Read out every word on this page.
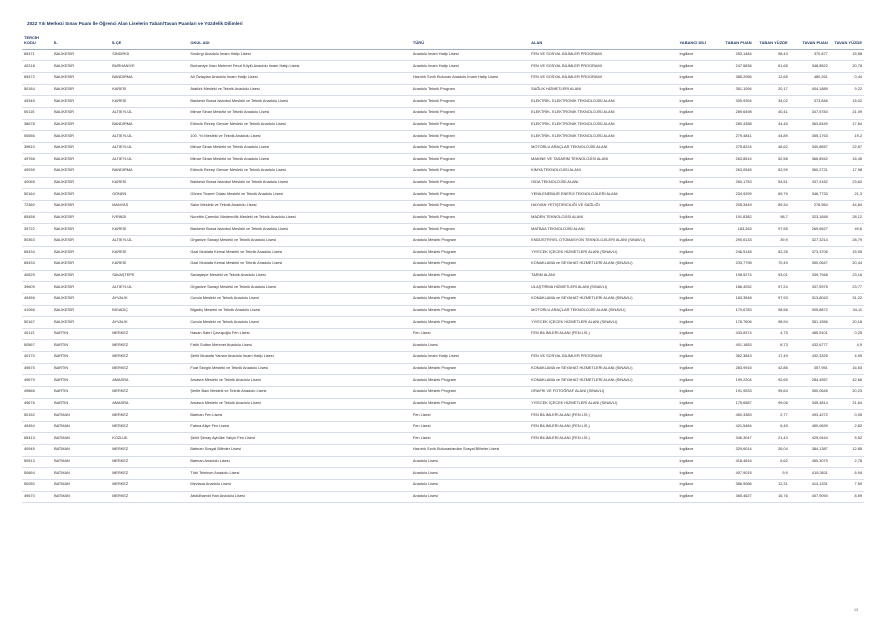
2022 Yılı Merkezi Sınav Puanı İle Öğrenci Alan Liselerin Taban/Tavan Puanları ve Yüzdelik Dilimleri
TERCİH KODU	İL	İLÇE	OKUL ADI	TÜRÜ	ALAN	YABANCI DİLİ	TABAN PUAN	TABAN YÜZDE	TAVAN PUAN	TAVAN YÜZDE
65471	BALIKESİR	SINDIRGI	Sındırgı Anadolu İmam Hatip Lisesi	Anadolu İmam Hatip Lisesi	FEN VE SOSYAL BİLİMLER PROGRAMI	İngilizce	253,1484	58,43	370,877	15,58
40218	BALIKESİR	BURHANİYE	Burhaniye Hacı Mehmet Fevzi Köylü Anadolu İmam Hatip Lisesi	Anadolu İmam Hatip Lisesi	FEN VE SOSYAL BİLİMLER PROGRAMI	İngilizce	247,5836	61,65	348,8522	20,78
65472	BALIKESİR	BANDIRMA	Ali Öztaylan Anadolu İmam Hatip Lisesi	Hazırlık Sınıfı Bulunan Anadolu İmam Hatip Lisesi	FEN VE SOSYAL BİLİMLER PROGRAMI	İngilizce	385,2056	12,65	480,261	0,44
50184	BALIKESİR	KARESİ	Atatürk Mesleki ve Teknik Anadolu Lisesi	Anadolu Teknik Program	SAĞLIK HİZMETLERİ ALANI	İngilizce	351,1094	20,17	404,1889	9,22
49345	BALIKESİR	KARESİ	Balıkesir Borsa İstanbul Mesleki ve Teknik Anadolu Lisesi	Anadolu Teknik Program	ELEKTRİK- ELEKTRONİK TEKNOLOJİSİ ALANI	İngilizce	305,9394	34,02	373,846	15,02
50115	BALIKESİR	ALTIEYLÜL	Mimar Sinan Mesleki ve Teknik Anadolu Lisesi	Anadolu Teknik Program	ELEKTRİK- ELEKTRONİK TEKNOLOJİSİ ALANI	İngilizce	289,6498	40,41	347,5783	21,09
38678	BALIKESİR	BANDIRMA	Edincik Recep Gencer Mesleki ve Teknik Anadolu Lisesi	Anadolu Teknik Program	ELEKTRİK- ELEKTRONİK TEKNOLOJİSİ ALANI	İngilizce	280,4358	44,45	363,8449	17,84
50656	BALIKESİR	ALTIEYLÜL	100. Yıl Mesleki ve Teknik Anadolu Lisesi	Anadolu Teknik Program	ELEKTRİK- ELEKTRONİK TEKNOLOJİSİ ALANI	İngilizce	279,4841	44,89	355,1763	19,2
39810	BALIKESİR	ALTIEYLÜL	Mimar Sinan Mesleki ve Teknik Anadolu Lisesi	Anadolu Teknik Program	MOTORLU ARAÇLAR TEKNOLOJİSİ ALANI	İngilizce	275,8224	46,62	340,8657	22,87
49768	BALIKESİR	ALTIEYLÜL	Mimar Sinan Mesleki ve Teknik Anadolu Lisesi	Anadolu Teknik Program	MAKİNE VE TASARIM TEKNOLOJİSİ ALANI	İngilizce	263,8514	52,58	366,8942	16,45
49939	BALIKESİR	BANDIRMA	Edincik Recep Gencer Mesleki ve Teknik Anadolu Lisesi	Anadolu Teknik Program	KİMYA TEKNOLOJİSİ ALANI	İngilizce	263,0545	52,99	360,2721	17,98
40065	BALIKESİR	KARESİ	Balıkesir Borsa İstanbul Mesleki ve Teknik Anadolu Lisesi	Anadolu Teknik Program	GIDA TEKNOLOJİSİ ALANI	İngilizce	260,1753	54,51	337,4152	23,62
50164	BALIKESİR	GÖNEN	Gönen Ticaret Odası Mesleki ve Teknik Anadolu Lisesi	Anadolu Teknik Program	YENİLENEBİLİR ENERJİ TEKNOLOJİLERİ ALANI	İngilizce	234,9299	69,79	346,7733	21,3
72360	BALIKESİR	MANYAS	Salur Mesleki ve Teknik Anadolu Lisesi	Anadolu Teknik Program	HAYVAN YETİŞTİRİCİLİĞİ VE SAĞLIĞI	İngilizce	205,3449	89,34	278,564	44,84
65458	BALIKESİR	İVRİNDİ	Nurettin Çarmıklı Madencilik Mesleki ve Teknik Anadolu Lisesi	Anadolu Teknik Program	MADEN TEKNOLOJİSİ ALANI	İngilizce	191,8382	98,7	323,1848	28,12
39722	BALIKESİR	KARESİ	Balıkesir Borsa İstanbul Mesleki ve Teknik Anadolu Lisesi	Anadolu Teknik Program	MATBAA TEKNOLOJİSİ ALANI	İngilizce	183,263	97,55	269,6527	49,6
50363	BALIKESİR	ALTIEYLÜL	Organize Sanayi Mesleki ve Teknik Anadolu Lisesi	Anadolu Meslek Program	ENDÜSTRİYEL OTOMASYON TEKNOLOJİLERİ ALANI (SINAVLI)	İngilizce	290,6133	39,9	327,3214	28,79
65434	BALIKESİR	KARESİ	Gazi Mustafa Kemal Mesleki ve Teknik Anadolu Lisesi	Anadolu Meslek Program	YİYECEK İÇECEK HİZMETLERİ ALANI (SINAVLI)	İngilizce	246,5148	62,28	373,3706	15,05
65433	BALIKESİR	KARESİ	Gazi Mustafa Kemal Mesleki ve Teknik Anadolu Lisesi	Anadolu Meslek Program	KONAKLAMA ve SEYAHAT HİZMETLERİ ALANI (SINAVLI)	İngilizce	233,7798	70,49	350,0647	20,44
40829	BALIKESİR	SAVAŞTEPE	Savaştepe Mesleki ve Teknik Anadolu Lisesi	Anadolu Meslek Program	TARIM ALANI	İngilizce	198,5274	93,01	339,7948	23,16
39609	BALIKESİR	ALTIEYLÜL	Organize Sanayi Mesleki ve Teknik Anadolu Lisesi	Anadolu Meslek Program	ULAŞTIRMA HİZMETLERİ ALANI (SINAVLI)	İngilizce	186,4932	97,24	337,5975	23,77
49456	BALIKESİR	AYVALIK	Cunda Mesleki ve Teknik Anadolu Lisesi	Anadolu Meslek Program	KONAKLAMA ve SEYAHAT HİZMETLERİ ALANI (SINAVLI)	İngilizce	183,3548	97,93	313,8043	31,22
41066	BALIKESİR	BİGADİÇ	Bigadiç Mesleki ve Teknik Anadolu Lisesi	Anadolu Meslek Program	MOTORLU ARAÇLAR TEKNOLOJİSİ ALANI (SINAVLI)	İngilizce	179,6783	98,56	305,8872	34,11
50167	BALIKESİR	AYVALIK	Cunda Mesleki ve Teknik Anadolu Lisesi	Anadolu Meslek Program	YİYECEK İÇECEK HİZMETLERİ ALANI (SINAVLI)	İngilizce	176,7606	98,94	351,1556	20,18
40113	BARTIN	MERKEZ	Hasan Sabri Çavuşoğlu Fen Lisesi	Fen Lisesi	FEN BİLİMLERİ ALANI (FEN LİS.)	İngilizce	433,8374	4,75	485,5101	0,25
50567	BARTIN	MERKEZ	Fatih Sultan Mehmet Anadolu Lisesi	Anadolu Lisesi		İngilizce	401,1853	8,73	432,6777	4,9
40170	BARTIN	MERKEZ	Şehit Mustafa Yaman Anadolu İmam Hatip Lisesi	Anadolu İmam Hatip Lisesi	FEN VE SOSYAL BİLİMLER PROGRAMI	İngilizce	362,3843	17,49	432,3326	4,95
49875	BARTIN	MERKEZ	Fuat Sezgin Mesleki ve Teknik Anadolu Lisesi	Anadolu Meslek Program	KONAKLAMA ve SEYAHAT HİZMETLERİ ALANI (SINAVLI)	İngilizce	283,9915	42,86	357,951	16,53
49679	BARTIN	AMASRA	Amasra Mesleki ve Teknik Anadolu Lisesi	Anadolu Meslek Program	KONAKLAMA ve SEYAHAT HİZMETLERİ ALANI (SINAVLI)	İngilizce	199,2204	92,69	284,4557	42,66
49866	BARTIN	MERKEZ	Şerife Bacı Mesleki ve Teknik Anadolu Lisesi	Anadolu Meslek Program	GRAFİK VE FOTOĞRAF ALANI (SINAVLI)	İngilizce	191,9533	95,64	350,0645	20,23
49676	BARTIN	AMASRA	Amasra Mesleki ve Teknik Anadolu Lisesi	Anadolu Meslek Program	YİYECEK İÇECEK HİZMETLERİ ALANI (SINAVLI)	İngilizce	175,6587	99,06	345,4814	21,64
50152	BATMAN	MERKEZ	Batman Fen Lisesi	Fen Lisesi	FEN BİLİMLERİ ALANI (FEN LİS.)	İngilizce	450,3383	2,77	493,4272	0,05
49454	BATMAN	MERKEZ	Fatma Aliye Fen Lisesi	Fen Lisesi	FEN BİLİMLERİ ALANI (FEN LİS.)	İngilizce	421,5484	6,45	450,0639	2,82
65413	BATMAN	KOZLUK	Şehit Şenay Aybüke Yalçın Fen Lisesi	Fen Lisesi	FEN BİLİMLERİ ALANI (FEN LİS.)	İngilizce	346,3047	21,43	429,0444	5,52
40945	BATMAN	MERKEZ	Batman Sosyal Bilimler Lisesi	Hazırlık Sınıfı Bulunanlardan Sosyal Bilimler Lisesi		İngilizce	329,6014	26,04	384,1387	12,85
50513	BATMAN	MERKEZ	Batman Anadolu Lisesi	Anadolu Lisesi		İngilizce	418,4816	6,62	450,3079	2,78
50664	BATMAN	MERKEZ	Türk Telekom Anadolu Lisesi	Anadolu Lisesi		İngilizce	407,9015	9,9	418,3611	6,94
50050	BATMAN	MERKEZ	Mevlana Anadolu Lisesi	Anadolu Lisesi		İngilizce	386,9086	12,31	414,1331	7,59
49670	BATMAN	MERKEZ	Abdülhamid Han Anadolu Lisesi	Anadolu Lisesi		İngilizce	365,4627	16,76	407,9094	8,59
13
